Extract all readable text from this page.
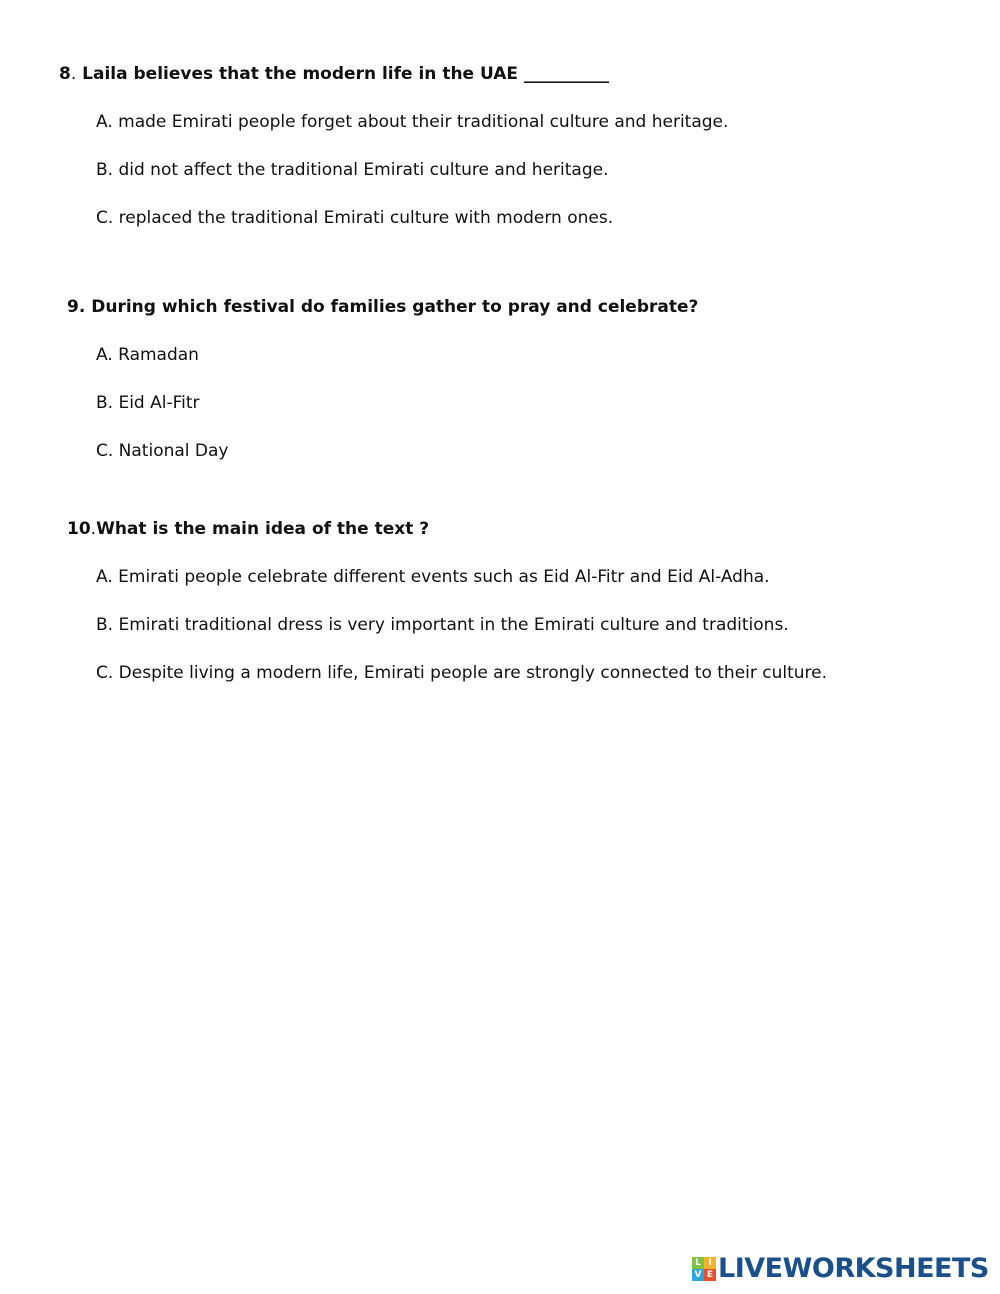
8. Laila believes that the modern life in the UAE __________

A. made Emirati people forget about their traditional culture and heritage.

B. did not affect the traditional Emirati culture and heritage.

C. replaced the traditional Emirati culture with modern ones.

9. During which festival do families gather to pray and celebrate?

A. Ramadan

B. Eid Al-Fitr

C. National Day

10.What is the main idea of the text ?

A. Emirati people celebrate different events such as Eid Al-Fitr and Eid Al-Adha.

B. Emirati traditional dress is very important in the Emirati culture and traditions.

C. Despite living a modern life, Emirati people are strongly connected to their culture.

L I
V E LIVEWORKSHEETS
